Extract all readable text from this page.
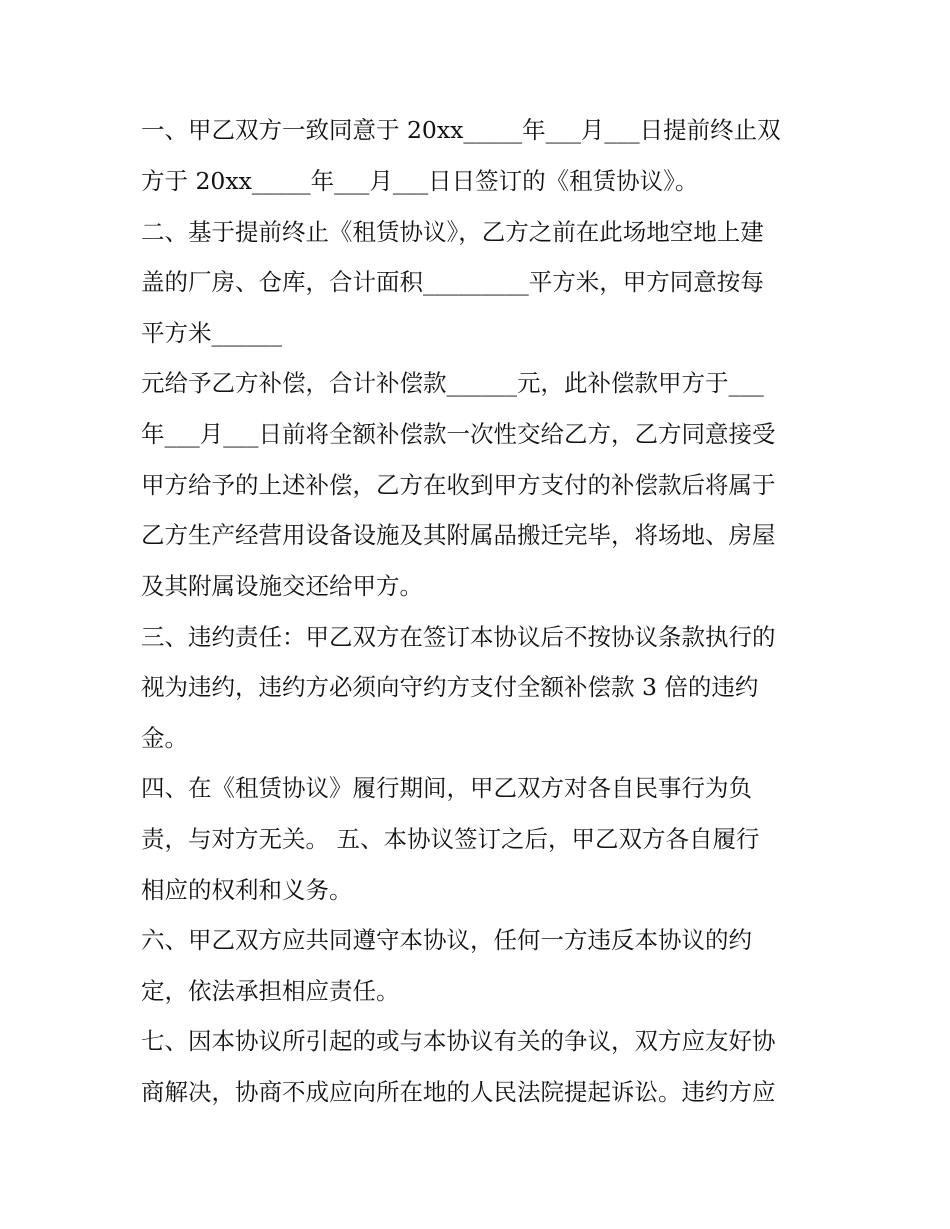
一、甲乙双方一致同意于 20xx_____年___月___日提前终止双
方于 20xx_____年___月___日日签订的《租赁协议》。
二、基于提前终止《租赁协议》，乙方之前在此场地空地上建
盖的厂房、仓库，合计面积_________平方米，甲方同意按每
平方米______
元给予乙方补偿，合计补偿款______元，此补偿款甲方于___
年___月___日前将全额补偿款一次性交给乙方，乙方同意接受
甲方给予的上述补偿，乙方在收到甲方支付的补偿款后将属于
乙方生产经营用设备设施及其附属品搬迁完毕，将场地、房屋
及其附属设施交还给甲方。
三、违约责任：甲乙双方在签订本协议后不按协议条款执行的
视为违约，违约方必须向守约方支付全额补偿款 3 倍的违约
金。
四、在《租赁协议》履行期间，甲乙双方对各自民事行为负
责，与对方无关。 五、本协议签订之后，甲乙双方各自履行
相应的权利和义务。
六、甲乙双方应共同遵守本协议，任何一方违反本协议的约
定，依法承担相应责任。
七、因本协议所引起的或与本协议有关的争议，双方应友好协
商解决，协商不成应向所在地的人民法院提起诉讼。违约方应
